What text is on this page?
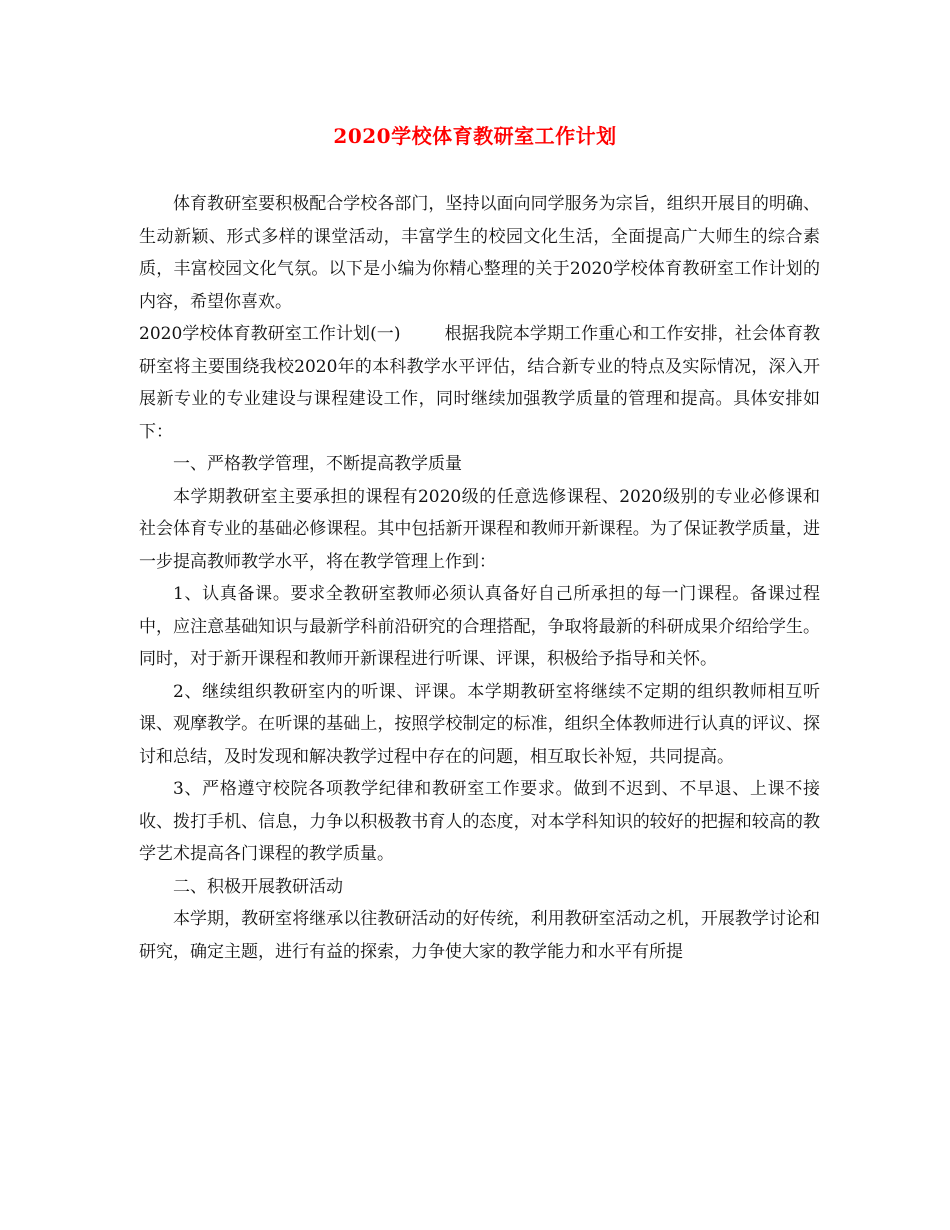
2020学校体育教研室工作计划

体育教研室要积极配合学校各部门，坚持以面向同学服务为宗旨，组织开展目的明确、生动新颖、形式多样的课堂活动，丰富学生的校园文化生活，全面提高广大师生的综合素质，丰富校园文化气氛。以下是小编为你精心整理的关于2020学校体育教研室工作计划的内容，希望你喜欢。

2020学校体育教研室工作计划(一)	根据我院本学期工作重心和工作安排，社会体育教研室将主要围绕我校2020年的本科教学水平评估，结合新专业的特点及实际情况，深入开展新专业的专业建设与课程建设工作，同时继续加强教学质量的管理和提高。具体安排如下：

一、严格教学管理，不断提高教学质量

本学期教研室主要承担的课程有2020级的任意选修课程、2020级别的专业必修课和社会体育专业的基础必修课程。其中包括新开课程和教师开新课程。为了保证教学质量，进一步提高教师教学水平，将在教学管理上作到：

1、认真备课。要求全教研室教师必须认真备好自己所承担的每一门课程。备课过程中，应注意基础知识与最新学科前沿研究的合理搭配，争取将最新的科研成果介绍给学生。同时，对于新开课程和教师开新课程进行听课、评课，积极给予指导和关怀。

2、继续组织教研室内的听课、评课。本学期教研室将继续不定期的组织教师相互听课、观摩教学。在听课的基础上，按照学校制定的标准，组织全体教师进行认真的评议、探讨和总结，及时发现和解决教学过程中存在的问题，相互取长补短，共同提高。

3、严格遵守校院各项教学纪律和教研室工作要求。做到不迟到、不早退、上课不接收、拨打手机、信息，力争以积极教书育人的态度，对本学科知识的较好的把握和较高的教学艺术提高各门课程的教学质量。

二、积极开展教研活动

本学期，教研室将继承以往教研活动的好传统，利用教研室活动之机，开展教学讨论和研究，确定主题，进行有益的探索，力争使大家的教学能力和水平有所提
